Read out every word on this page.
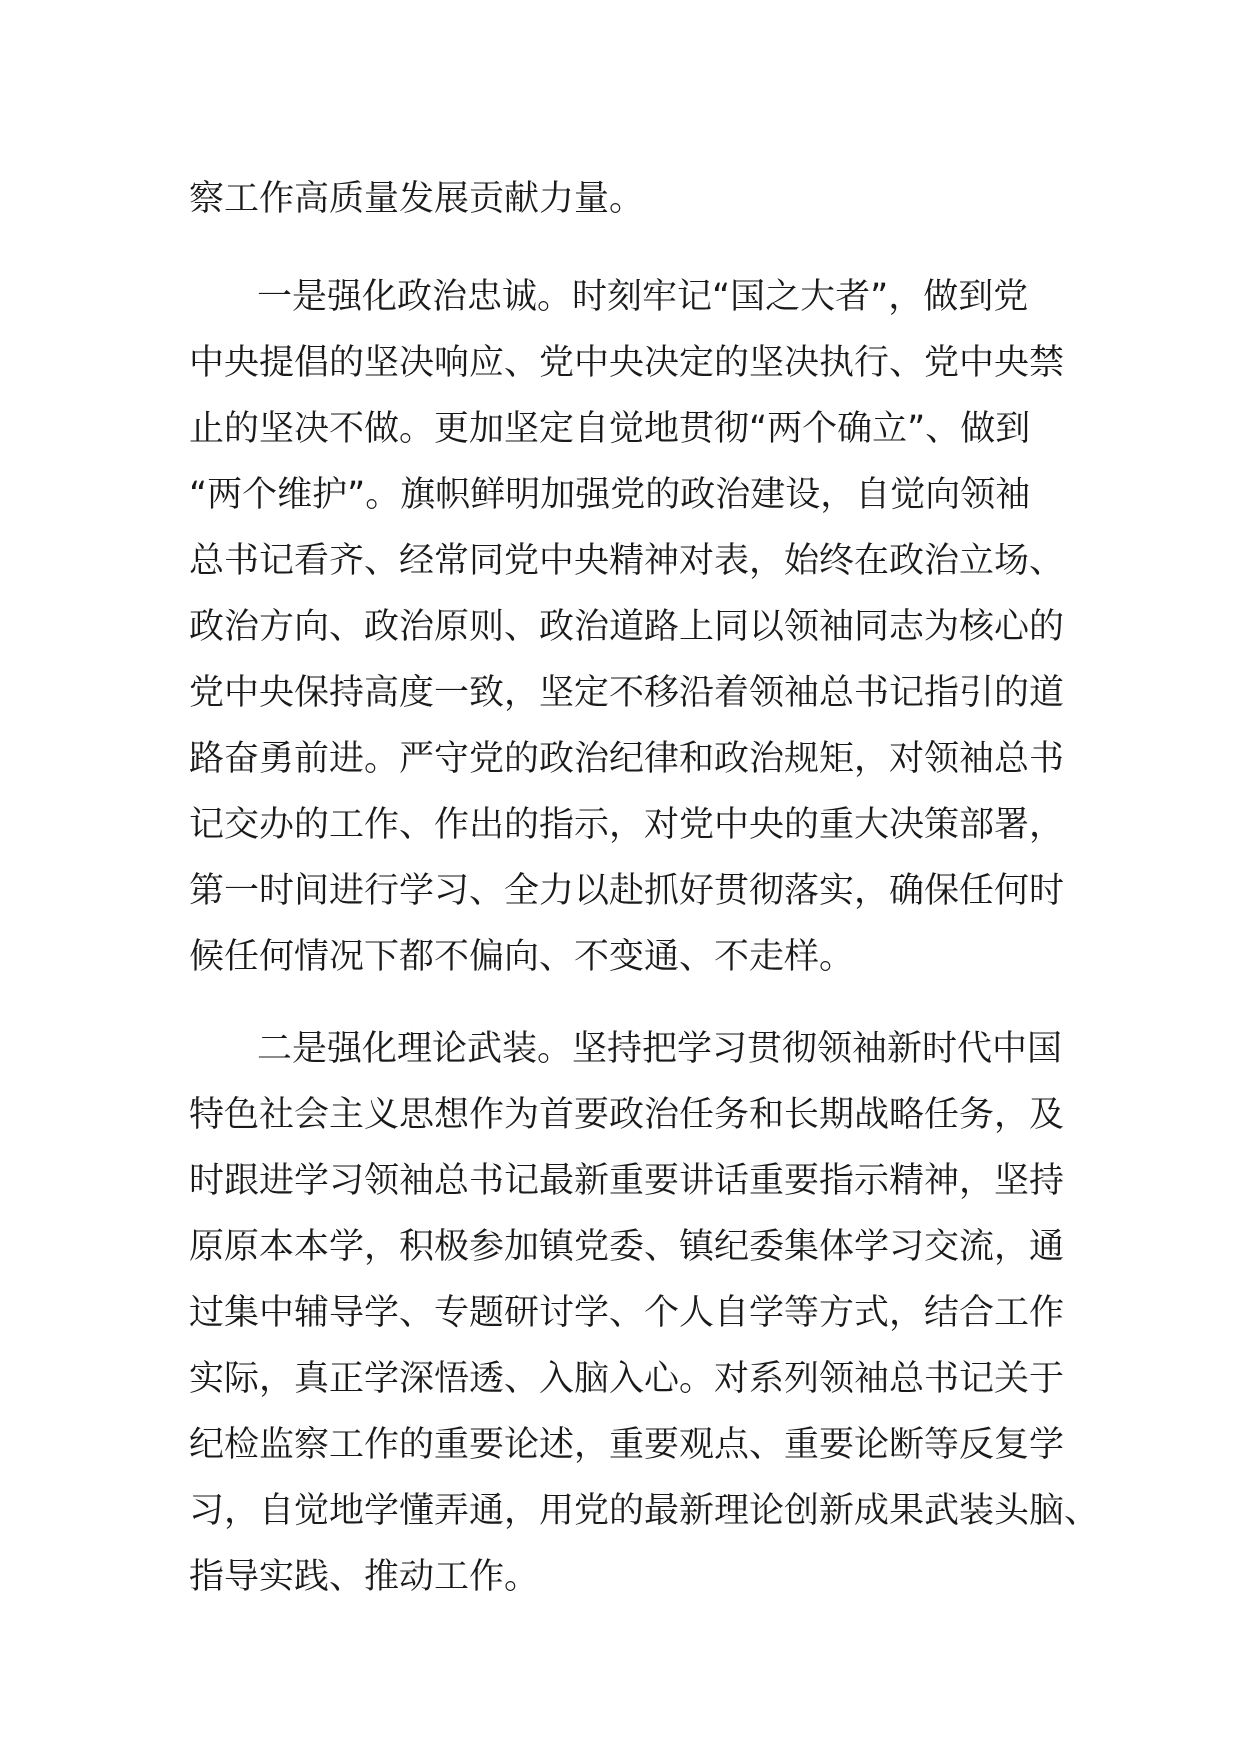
察工作高质量发展贡献力量。
一是强化政治忠诚。时刻牢记“国之大者”，做到党
中央提倡的坚决响应、党中央决定的坚决执行、党中央禁
止的坚决不做。更加坚定自觉地贯彻“两个确立”、做到
“两个维护”。旗帜鲜明加强党的政治建设，自觉向领袖
总书记看齐、经常同党中央精神对表，始终在政治立场、
政治方向、政治原则、政治道路上同以领袖同志为核心的
党中央保持高度一致，坚定不移沿着领袖总书记指引的道
路奋勇前进。严守党的政治纪律和政治规矩，对领袖总书
记交办的工作、作出的指示，对党中央的重大决策部署，
第一时间进行学习、全力以赴抓好贯彻落实，确保任何时
候任何情况下都不偏向、不变通、不走样。
二是强化理论武装。坚持把学习贯彻领袖新时代中国
特色社会主义思想作为首要政治任务和长期战略任务，及
时跟进学习领袖总书记最新重要讲话重要指示精神，坚持
原原本本学，积极参加镇党委、镇纪委集体学习交流，通
过集中辅导学、专题研讨学、个人自学等方式，结合工作
实际，真正学深悟透、入脑入心。对系列领袖总书记关于
纪检监察工作的重要论述，重要观点、重要论断等反复学
习，自觉地学懂弄通，用党的最新理论创新成果武装头脑、
指导实践、推动工作。
